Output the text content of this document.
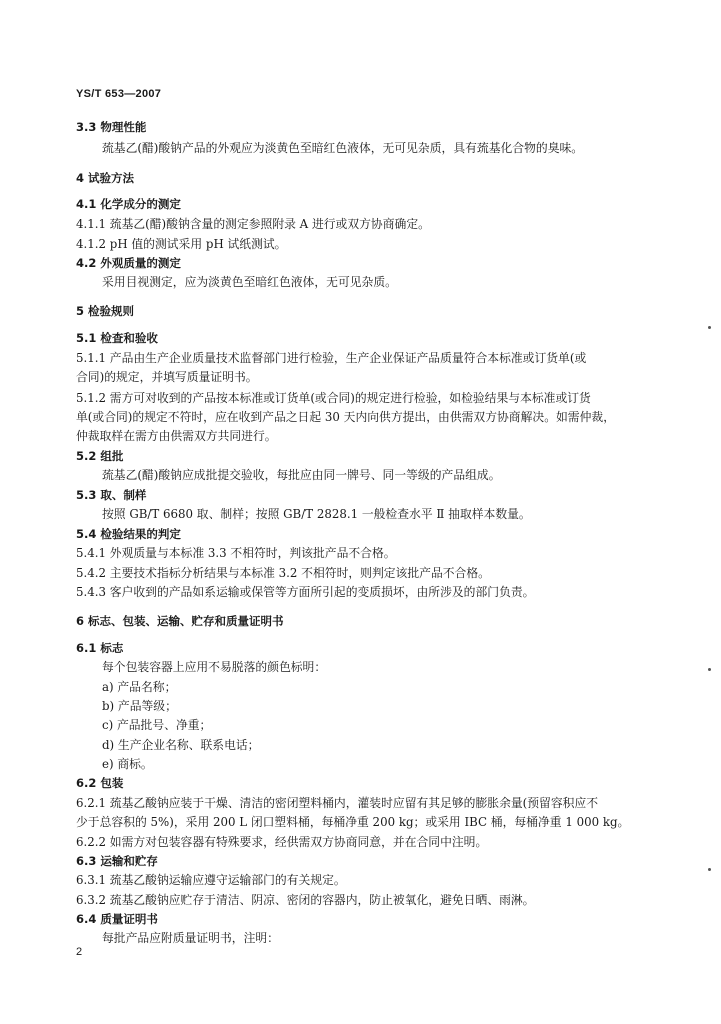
YS/T 653—2007
3.3 物理性能
巯基乙(醋)酸钠产品的外观应为淡黄色至暗红色液体，无可见杂质，具有巯基化合物的臭味。
4 试验方法
4.1 化学成分的测定
4.1.1 巯基乙(醋)酸钠含量的测定参照附录 A 进行或双方协商确定。
4.1.2 pH 值的测试采用 pH 试纸测试。
4.2 外观质量的测定
采用目视测定，应为淡黄色至暗红色液体，无可见杂质。
5 检验规则
5.1 检查和验收
5.1.1 产品由生产企业质量技术监督部门进行检验，生产企业保证产品质量符合本标准或订货单(或
合同)的规定，并填写质量证明书。
5.1.2 需方可对收到的产品按本标准或订货单(或合同)的规定进行检验，如检验结果与本标准或订货
单(或合同)的规定不符时，应在收到产品之日起 30 天内向供方提出，由供需双方协商解决。如需仲裁，
仲裁取样在需方由供需双方共同进行。
5.2 组批
巯基乙(醋)酸钠应成批提交验收，每批应由同一牌号、同一等级的产品组成。
5.3 取、制样
按照 GB/T 6680 取、制样；按照 GB/T 2828.1 一般检查水平 Ⅱ 抽取样本数量。
5.4 检验结果的判定
5.4.1 外观质量与本标准 3.3 不相符时，判该批产品不合格。
5.4.2 主要技术指标分析结果与本标准 3.2 不相符时，则判定该批产品不合格。
5.4.3 客户收到的产品如系运输或保管等方面所引起的变质损坏，由所涉及的部门负责。
6 标志、包装、运输、贮存和质量证明书
6.1 标志
每个包装容器上应用不易脱落的颜色标明：
a) 产品名称；
b) 产品等级；
c) 产品批号、净重；
d) 生产企业名称、联系电话；
e) 商标。
6.2 包装
6.2.1 巯基乙酸钠应装于干燥、清洁的密闭塑料桶内，灌装时应留有其足够的膨胀余量(预留容积应不
少于总容积的 5%)，采用 200 L 闭口塑料桶，每桶净重 200 kg；或采用 IBC 桶，每桶净重 1 000 kg。
6.2.2 如需方对包装容器有特殊要求，经供需双方协商同意，并在合同中注明。
6.3 运输和贮存
6.3.1 巯基乙酸钠运输应遵守运输部门的有关规定。
6.3.2 巯基乙酸钠应贮存于清洁、阴凉、密闭的容器内，防止被氧化，避免日晒、雨淋。
6.4 质量证明书
每批产品应附质量证明书，注明：
2
